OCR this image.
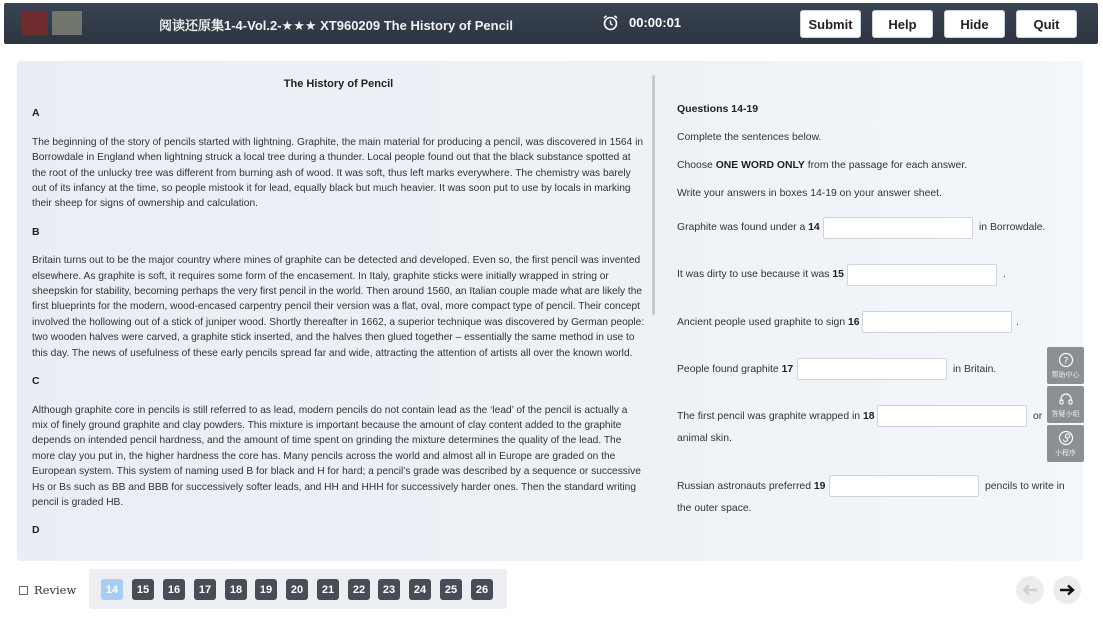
阅读还原集1-4-Vol.2-★★★ XT960209 The History of Pencil	00:00:01	Submit	Help	Hide	Quit
The History of Pencil
A

The beginning of the story of pencils started with lightning. Graphite, the main material for producing a pencil, was discovered in 1564 in Borrowdale in England when lightning struck a local tree during a thunder. Local people found out that the black substance spotted at the root of the unlucky tree was different from burning ash of wood. It was soft, thus left marks everywhere. The chemistry was barely out of its infancy at the time, so people mistook it for lead, equally black but much heavier. It was soon put to use by locals in marking their sheep for signs of ownership and calculation.

B

Britain turns out to be the major country where mines of graphite can be detected and developed. Even so, the first pencil was invented elsewhere. As graphite is soft, it requires some form of the encasement. In Italy, graphite sticks were initially wrapped in string or sheepskin for stability, becoming perhaps the very first pencil in the world. Then around 1560, an Italian couple made what are likely the first blueprints for the modern, wood-encased carpentry pencil their version was a flat, oval, more compact type of pencil. Their concept involved the hollowing out of a stick of juniper wood. Shortly thereafter in 1662, a superior technique was discovered by German people: two wooden halves were carved, a graphite stick inserted, and the halves then glued together – essentially the same method in use to this day. The news of usefulness of these early pencils spread far and wide, attracting the attention of artists all over the known world.

C

Although graphite core in pencils is still referred to as lead, modern pencils do not contain lead as the ‘lead’ of the pencil is actually a mix of finely ground graphite and clay powders. This mixture is important because the amount of clay content added to the graphite depends on intended pencil hardness, and the amount of time spent on grinding the mixture determines the quality of the lead. The more clay you put in, the higher hardness the core has. Many pencils across the world and almost all in Europe are graded on the European system. This system of naming used B for black and H for hard; a pencil’s grade was described by a sequence or successive Hs or Bs such as BB and BBB for successively softer leads, and HH and HHH for successively harder ones. Then the standard writing pencil is graded HB.

D
Questions 14-19
Complete the sentences below.
Choose ONE WORD ONLY from the passage for each answer.
Write your answers in boxes 14-19 on your answer sheet.
Graphite was found under a 14	in Borrowdale.
It was dirty to use because it was 15	.
Ancient people used graphite to sign 16	.
People found graphite 17	in Britain.
The first pencil was graphite wrapped in 18	or
animal skin.
Russian astronauts preferred 19	pencils to write in
the outer space.
?
帮助中心
答疑小组
小程序
Review	14	15	16	17	18	19	20	21	22	23	24	25	26
